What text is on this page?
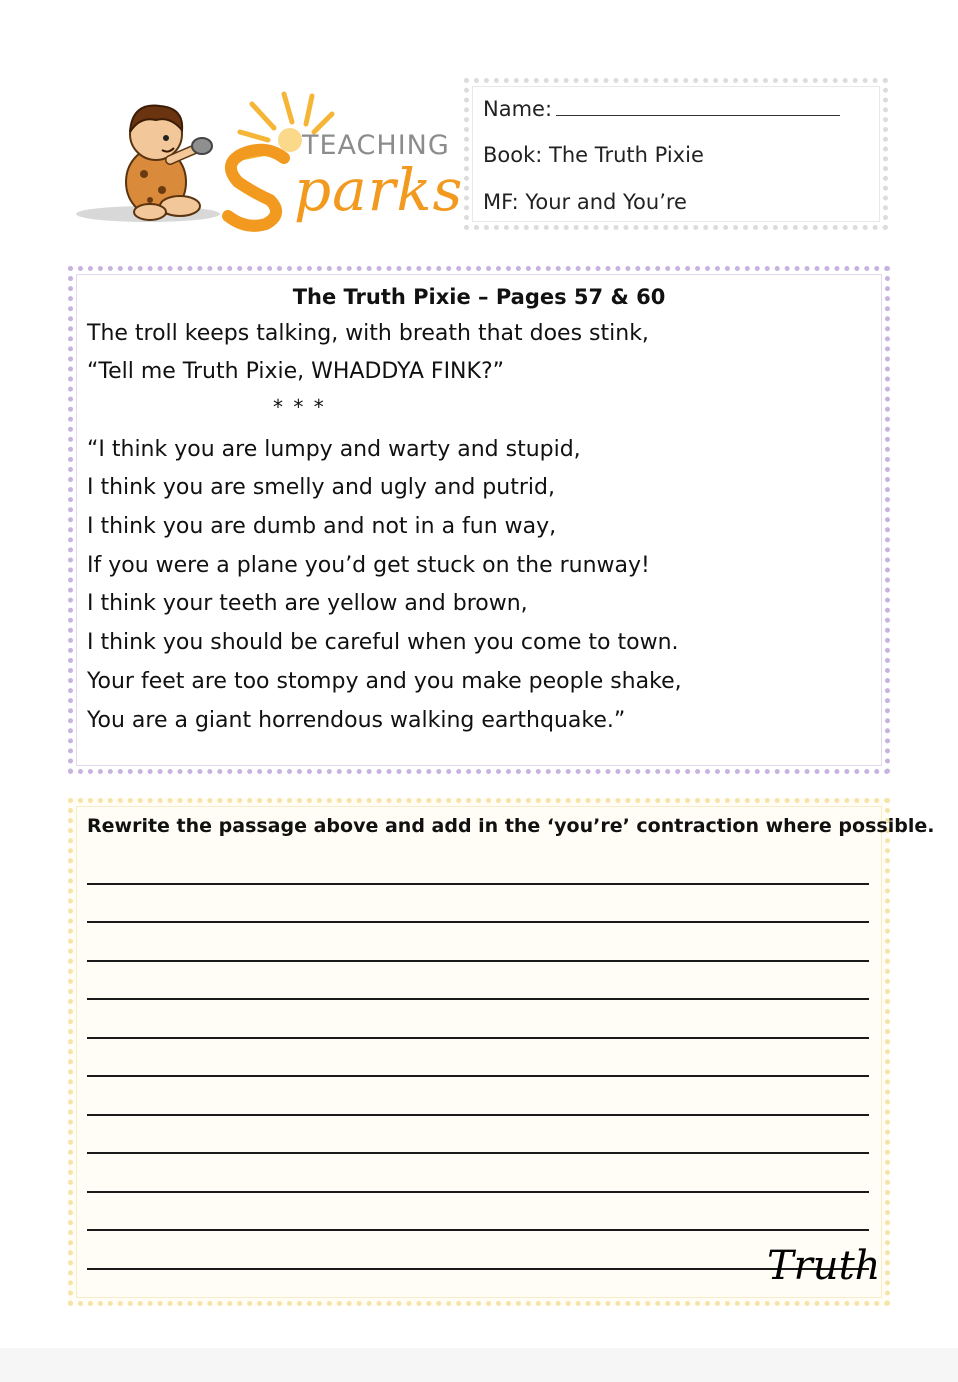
TEACHING
parks
Name:
Book: The Truth Pixie
MF: Your and You’re
The Truth Pixie – Pages 57 & 60
The troll keeps talking, with breath that does stink,
“Tell me Truth Pixie, WHADDYA FINK?”
* * *
“I think you are lumpy and warty and stupid,
I think you are smelly and ugly and putrid,
I think you are dumb and not in a fun way,
If you were a plane you’d get stuck on the runway!
I think your teeth are yellow and brown,
I think you should be careful when you come to town.
Your feet are too stompy and you make people shake,
You are a giant horrendous walking earthquake.”
Rewrite the passage above and add in the ‘you’re’ contraction where possible.
Truth
